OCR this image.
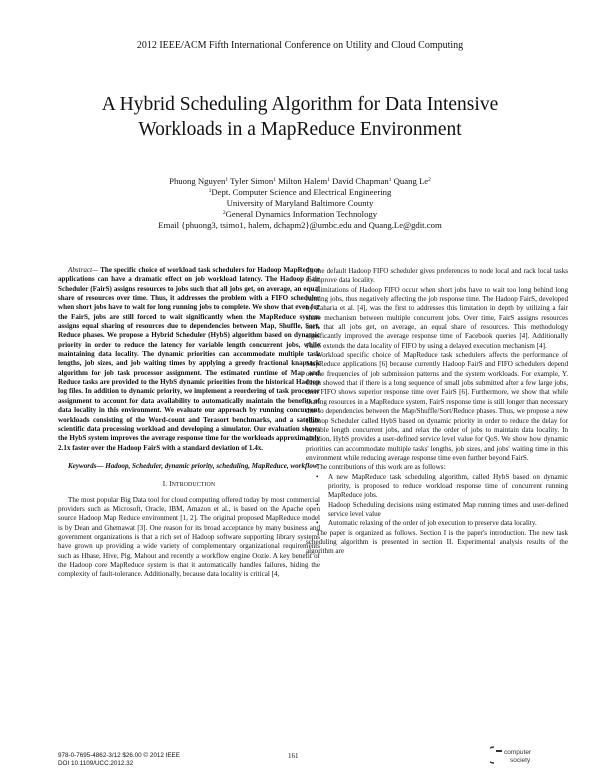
2012 IEEE/ACM Fifth International Conference on Utility and Cloud Computing
A Hybrid Scheduling Algorithm for Data Intensive
Workloads in a MapReduce Environment
Phuong Nguyen$^1$ Tyler Simon$^1$ Milton Halem$^1$ David Chapman$^1$ Quang Le$^2$
$^1$Dept. Computer Science and Electrical Engineering
University of Maryland Baltimore County
$^2$General Dynamics Information Technology
Email {phuong3, tsimo1, halem, dchapm2}@umbc.edu and Quang.Le@gdit.com

Abstract— The specific choice of workload task schedulers for Hadoop MapReduce applications can have a dramatic effect on job workload latency. The Hadoop Fair Scheduler (FairS) assigns resources to jobs such that all jobs get, on average, an equal share of resources over time. Thus, it addresses the problem with a FIFO scheduler when short jobs have to wait for long running jobs to complete. We show that even for the FairS, jobs are still forced to wait significantly when the MapReduce system assigns equal sharing of resources due to dependencies between Map, Shuffle, Sort, Reduce phases. We propose a Hybrid Scheduler (HybS) algorithm based on dynamic priority in order to reduce the latency for variable length concurrent jobs, while maintaining data locality. The dynamic priorities can accommodate multiple task lengths, job sizes, and job waiting times by applying a greedy fractional knapsack algorithm for job task processor assignment. The estimated runtime of Map and Reduce tasks are provided to the HybS dynamic priorities from the historical Hadoop log files. In addition to dynamic priority, we implement a reordering of task processor assignment to account for data availability to automatically maintain the benefits of data locality in this environment. We evaluate our approach by running concurrent workloads consisting of the Word-count and Terasort benchmarks, and a satellite scientific data processing workload and developing a simulator. Our evaluation shows the HybS system improves the average response time for the workloads approximately 2.1x faster over the Hadoop FairS with a standard deviation of 1.4x.

Keywords— Hadoop, Scheduler, dynamic priority, scheduling, MapReduce, workflow

I. INTRODUCTION

The most popular Big Data tool for cloud computing offered today by most commercial providers such as Microsoft, Oracle, IBM, Amazon et al., is based on the Apache open source Hadoop Map Reduce environment [1, 2]. The original proposed MapReduce model is by Dean and Ghemawat [3]. One reason for its broad acceptance by many business and government organizations is that a rich set of Hadoop software supporting library systems have grown up providing a wide variety of complementary organizational requirements such as Hbase, Hive, Pig, Mahout and recently a workflow engine Oozie. A key benefit of the Hadoop core MapReduce system is that it automatically handles failures, hiding the complexity of fault-tolerance. Additionally, because data locality is critical [4,

5], the default Hadoop FIFO scheduler gives preferences to node local and rack local tasks to improve data locality.

Limitations of Hadoop FIFO occur when short jobs have to wait too long behind long running jobs, thus negatively affecting the job response time. The Hadoop FairS, developed by Zaharia et al. [4], was the first to addresses this limitation in depth by utilizing a fair share mechanism between multiple concurrent jobs. Over time, FairS assigns resources such that all jobs get, on average, an equal share of resources. This methodology significantly improved the average response time of Facebook queries [4]. Additionally FairS extends the data locality of FIFO by using a delayed execution mechanism [4].

Workload specific choice of MapReduce task schedulers affects the performance of MapReduce applications [6] because currently Hadoop FairS and FIFO schedulers depend on the frequencies of job submission patterns and the system workloads. For example, Y. Chen showed that if there is a long sequence of small jobs submitted after a few large jobs, then FIFO shows superior response time over FairS [6]. Furthermore, we show that while sharing resources in a MapReduce system, FairS response time is still longer than necessary due to dependencies between the Map/Shuffle/Sort/Reduce phases. Thus, we propose a new Hadoop Scheduler called HybS based on dynamic priority in order to reduce the delay for variable length concurrent jobs, and relax the order of jobs to maintain data locality. In addition, HybS provides a user-defined service level value for QoS. We show how dynamic priorities can accommodate multiple tasks' lengths, job sizes, and jobs' waiting time in this environment while reducing average response time even further beyond FairS.

The contributions of this work are as follows:

• A new MapReduce task scheduling algorithm, called HybS based on dynamic priority, is proposed to reduce workload response time of concurrent running MapReduce jobs.
• Hadoop Scheduling decisions using estimated Map running times and user-defined service level value
• Automatic relaxing of the order of job execution to preserve data locality.

The paper is organized as follows. Section I is the paper's introduction. The new task scheduling algorithm is presented in section II. Experimental analysis results of the algorithm are

978-0-7695-4862-3/12 $26.00 © 2012 IEEE
DOI 10.1109/UCC.2012.32
161	computer
society
